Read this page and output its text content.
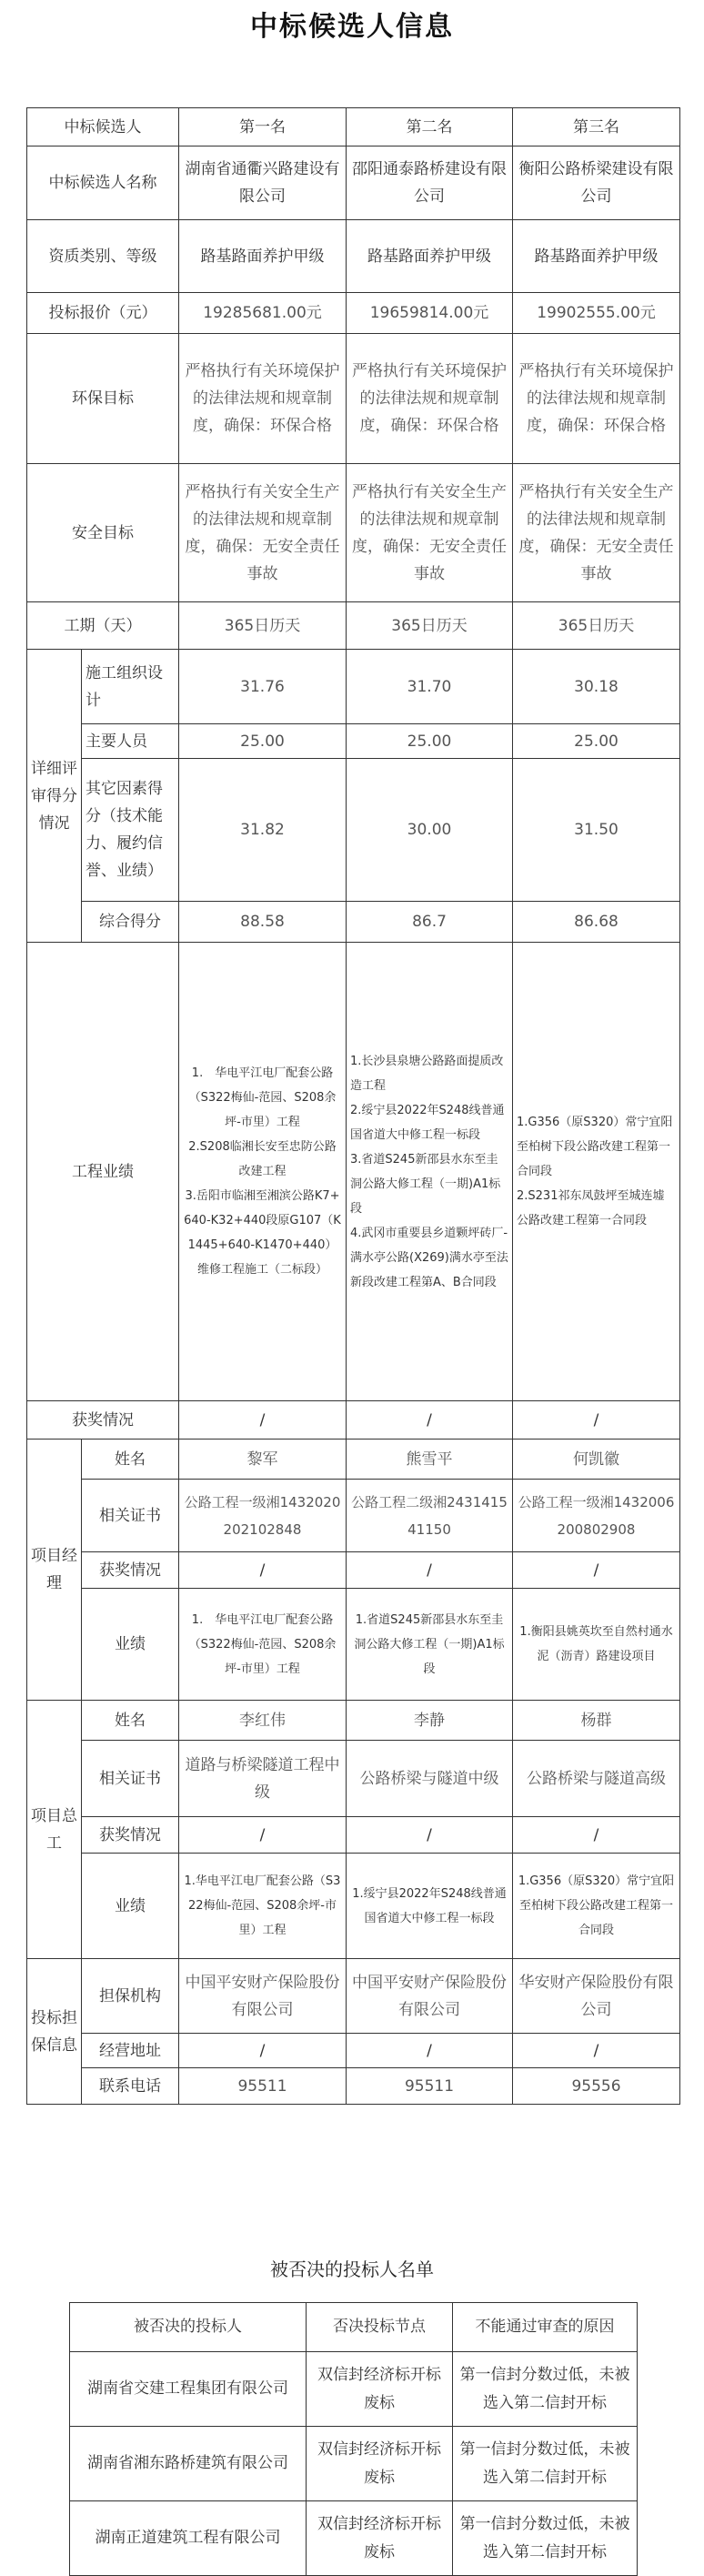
中标候选人信息
中标候选人		第一名	第二名	第三名
中标候选人名称		湖南省通衢兴路建设有限公司	邵阳通泰路桥建设有限公司	衡阳公路桥梁建设有限公司
资质类别、等级		路基路面养护甲级	路基路面养护甲级	路基路面养护甲级
投标报价（元）		19285681.00元	19659814.00元	19902555.00元
环保目标		严格执行有关环境保护的法律法规和规章制度，确保：环保合格	严格执行有关环境保护的法律法规和规章制度，确保：环保合格	严格执行有关环境保护的法律法规和规章制度，确保：环保合格
安全目标		严格执行有关安全生产的法律法规和规章制度，确保：无安全责任事故	严格执行有关安全生产的法律法规和规章制度，确保：无安全责任事故	严格执行有关安全生产的法律法规和规章制度，确保：无安全责任事故
工期（天）		365日历天	365日历天	365日历天
详细评审得分情况	施工组织设计	31.76	31.70	30.18
	主要人员	25.00	25.00	25.00
	其它因素得分（技术能力、履约信誉、业绩）	31.82	30.00	31.50
	综合得分	88.58	86.7	86.68
工程业绩		1.　华电平江电厂配套公路（S322梅仙-范园、S208余坪-市里）工程
2.S208临湘长安至忠防公路改建工程
3.岳阳市临湘至湘滨公路K7+640-K32+440段原G107（K1445+640-K1470+440）维修工程施工（二标段）	1.长沙县泉塘公路路面提质改造工程
2.绥宁县2022年S248线普通国省道大中修工程一标段
3.省道S245新邵县水东至圭洞公路大修工程（一期)A1标段
4.武冈市重要县乡道颗坪砖厂-满水亭公路(X269)满水亭至法新段改建工程第A、B合同段	1.G356（原S320）常宁宜阳至柏树下段公路改建工程第一合同段
2.S231祁东凤鼓坪至城连墟公路改建工程第一合同段
获奖情况		/	/	/
项目经理	姓名	黎军	熊雪平	何凯徽
	相关证书	公路工程一级湘1432020202102848	公路工程二级湘243141541150	公路工程一级湘1432006200802908
	获奖情况	/	/	/
	业绩	1.　华电平江电厂配套公路（S322梅仙-范园、S208余坪-市里）工程	1.省道S245新邵县水东至圭洞公路大修工程（一期)A1标段	1.衡阳县姚英坎至自然村通水泥（沥青）路建设项目
项目总工	姓名	李红伟	李静	杨群
	相关证书	道路与桥梁隧道工程中级	公路桥梁与隧道中级	公路桥梁与隧道高级
	获奖情况	/	/	/
	业绩	1.华电平江电厂配套公路（S322梅仙-范园、S208余坪-市里）工程	1.绥宁县2022年S248线普通国省道大中修工程一标段	1.G356（原S320）常宁宜阳至柏树下段公路改建工程第一合同段
投标担保信息	担保机构	中国平安财产保险股份有限公司	中国平安财产保险股份有限公司	华安财产保险股份有限公司
	经营地址	/	/	/
	联系电话	95511	95511	95556
被否决的投标人名单
被否决的投标人	否决投标节点	不能通过审查的原因
湖南省交建工程集团有限公司	双信封经济标开标废标	第一信封分数过低，未被选入第二信封开标
湖南省湘东路桥建筑有限公司	双信封经济标开标废标	第一信封分数过低，未被选入第二信封开标
湖南正道建筑工程有限公司	双信封经济标开标废标	第一信封分数过低，未被选入第二信封开标
